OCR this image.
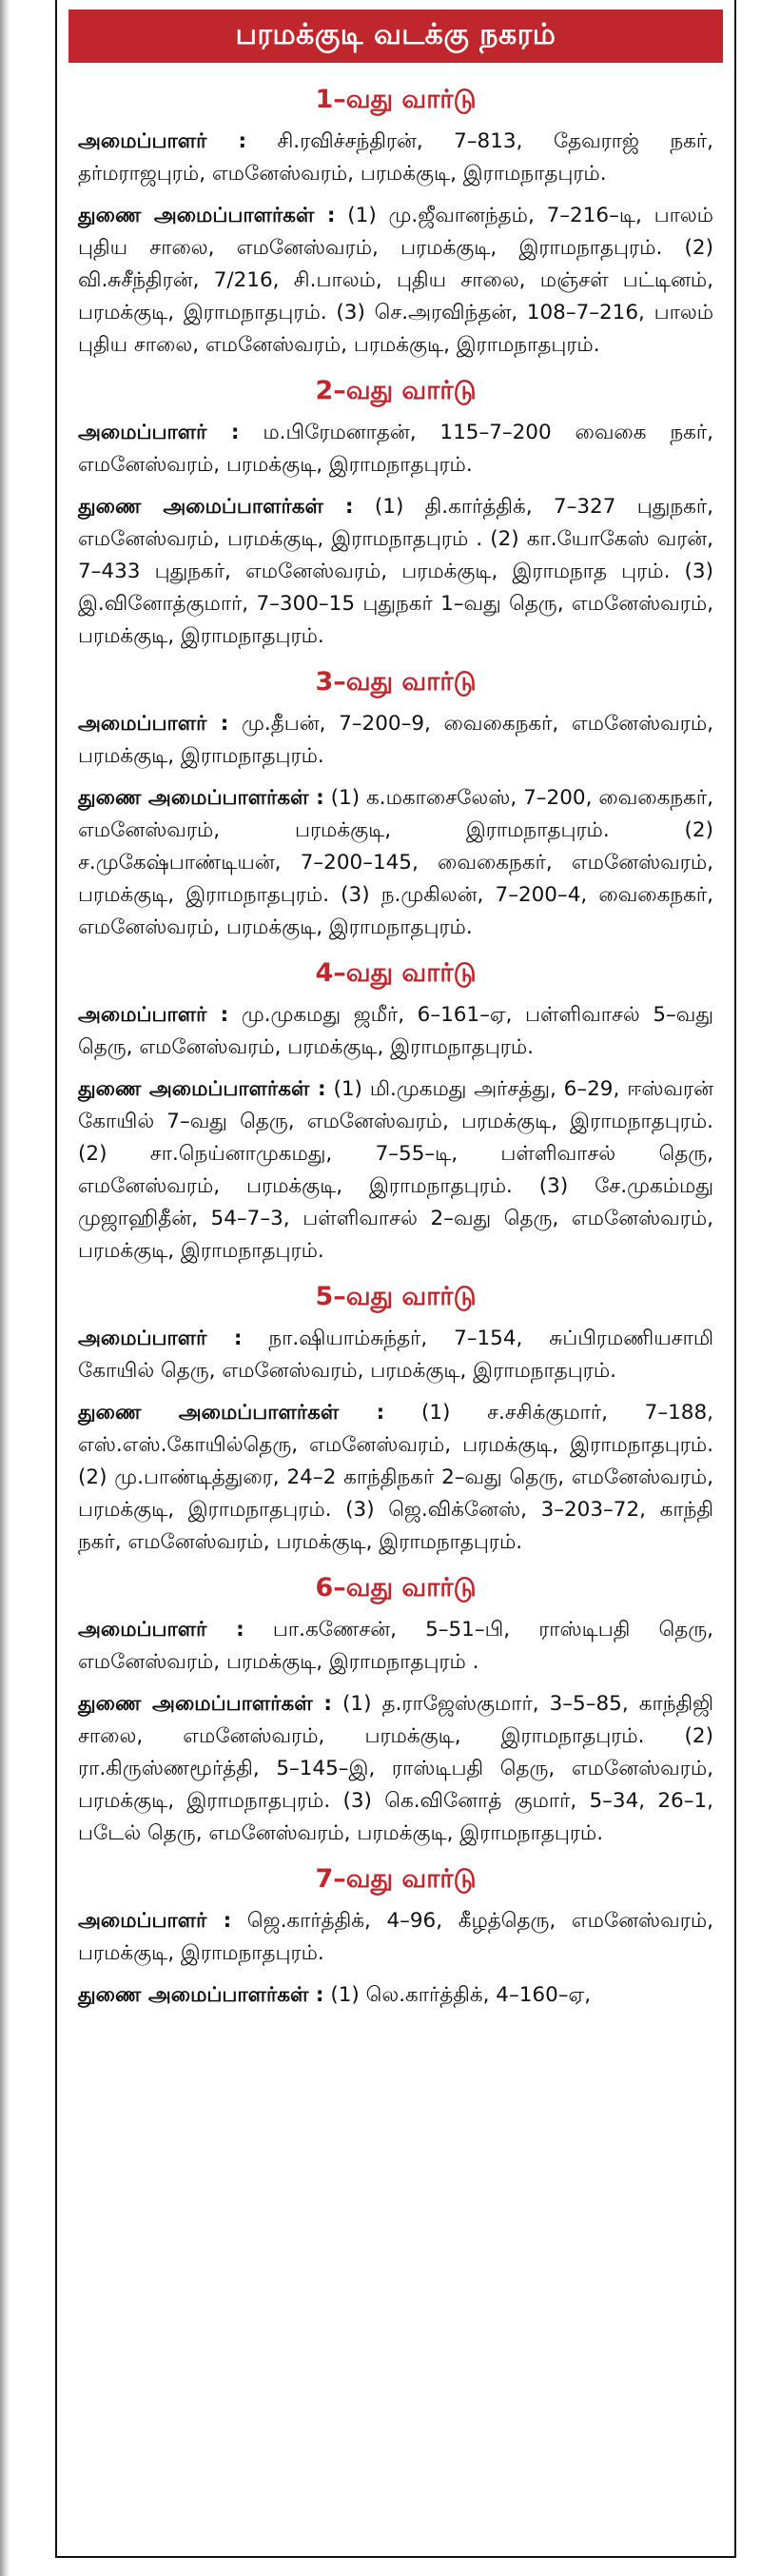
பரமக்குடி வடக்கு நகரம்
1–வது வார்டு

அமைப்பாளர் : சி.ரவிச்சந்திரன், 7–813, தேவராஜ் நகர், தர்மராஜபுரம், எமனேஸ்வரம், பரமக்குடி, இராமநாதபுரம்.

துணை அமைப்பாளர்கள் : (1) மு.ஜீவானந்தம், 7–216–டி, பாலம் புதிய சாலை, எமனேஸ்வரம், பரமக்குடி, இராமநாதபுரம். (2) வி.சுசீந்திரன், 7/216, சி.பாலம், புதிய சாலை, மஞ்சள் பட்டினம், பரமக்குடி, இராமநாதபுரம். (3) செ.அரவிந்தன், 108–7–216, பாலம் புதிய சாலை, எமனேஸ்வரம், பரமக்குடி, இராமநாதபுரம்.

2–வது வார்டு

அமைப்பாளர் : ம.பிரேமனாதன், 115–7–200 வைகை நகர், எமனேஸ்வரம், பரமக்குடி, இராமநாதபுரம்.

துணை அமைப்பாளர்கள் : (1) தி.கார்த்திக், 7–327 புதுநகர், எமனேஸ்வரம், பரமக்குடி, இராமநாதபுரம் . (2) கா.யோகேஸ் வரன், 7–433 புதுநகர், எமனேஸ்வரம், பரமக்குடி, இராமநாத புரம். (3) இ.வினோத்குமார், 7–300–15 புதுநகர் 1–வது தெரு, எமனேஸ்வரம், பரமக்குடி, இராமநாதபுரம்.

3–வது வார்டு

அமைப்பாளர் : மு.தீபன், 7–200–9, வைகைநகர், எமனேஸ்வரம், பரமக்குடி, இராமநாதபுரம்.

துணை அமைப்பாளர்கள் : (1) க.மகாசைலேஸ், 7–200, வைகைநகர், எமனேஸ்வரம், பரமக்குடி, இராமநாதபுரம். (2) ச.முகேஷ்பாண்டியன், 7–200–145, வைகைநகர், எமனேஸ்வரம், பரமக்குடி, இராமநாதபுரம். (3) ந.முகிலன், 7–200–4, வைகைநகர், எமனேஸ்வரம், பரமக்குடி, இராமநாதபுரம்.

4–வது வார்டு

அமைப்பாளர் : மு.முகமது ஜமீர், 6–161–ஏ, பள்ளிவாசல் 5–வது தெரு, எமனேஸ்வரம், பரமக்குடி, இராமநாதபுரம்.

துணை அமைப்பாளர்கள் : (1) மி.முகமது அர்சத்து, 6–29, ஈஸ்வரன் கோயில் 7–வது தெரு, எமனேஸ்வரம், பரமக்குடி, இராமநாதபுரம். (2) சா.நெய்னாமுகமது, 7–55–டி, பள்ளிவாசல் தெரு, எமனேஸ்வரம், பரமக்குடி, இராமநாதபுரம். (3) சே.முகம்மது முஜாஹிதீன், 54–7–3, பள்ளிவாசல் 2–வது தெரு, எமனேஸ்வரம், பரமக்குடி, இராமநாதபுரம்.

5–வது வார்டு

அமைப்பாளர் : நா.ஷியாம்சுந்தர், 7–154, சுப்பிரமணியசாமி கோயில் தெரு, எமனேஸ்வரம், பரமக்குடி, இராமநாதபுரம்.

துணை அமைப்பாளர்கள் : (1) ச.சசிக்குமார், 7–188, எஸ்.எஸ்.கோயில்தெரு, எமனேஸ்வரம், பரமக்குடி, இராமநாதபுரம். (2) மு.பாண்டித்துரை, 24–2 காந்திநகர் 2–வது தெரு, எமனேஸ்வரம், பரமக்குடி, இராமநாதபுரம். (3) ஜெ.விக்னேஸ், 3–203–72, காந்தி நகர், எமனேஸ்வரம், பரமக்குடி, இராமநாதபுரம்.

6–வது வார்டு

அமைப்பாளர் : பா.கணேசன், 5–51–பி, ராஸ்டிபதி தெரு, எமனேஸ்வரம், பரமக்குடி, இராமநாதபுரம் .

துணை அமைப்பாளர்கள் : (1) த.ராஜேஸ்குமார், 3–5–85, காந்திஜி சாலை, எமனேஸ்வரம், பரமக்குடி, இராமநாதபுரம். (2) ரா.கிருஸ்ணமூர்த்தி, 5–145–இ, ராஸ்டிபதி தெரு, எமனேஸ்வரம், பரமக்குடி, இராமநாதபுரம். (3) கெ.வினோத் குமார், 5–34, 26–1, படேல் தெரு, எமனேஸ்வரம், பரமக்குடி, இராமநாதபுரம்.

7–வது வார்டு

அமைப்பாளர் : ஜெ.கார்த்திக், 4–96, கீழத்தெரு, எமனேஸ்வரம், பரமக்குடி, இராமநாதபுரம்.

துணை அமைப்பாளர்கள் : (1) லெ.கார்த்திக், 4–160–ஏ,
